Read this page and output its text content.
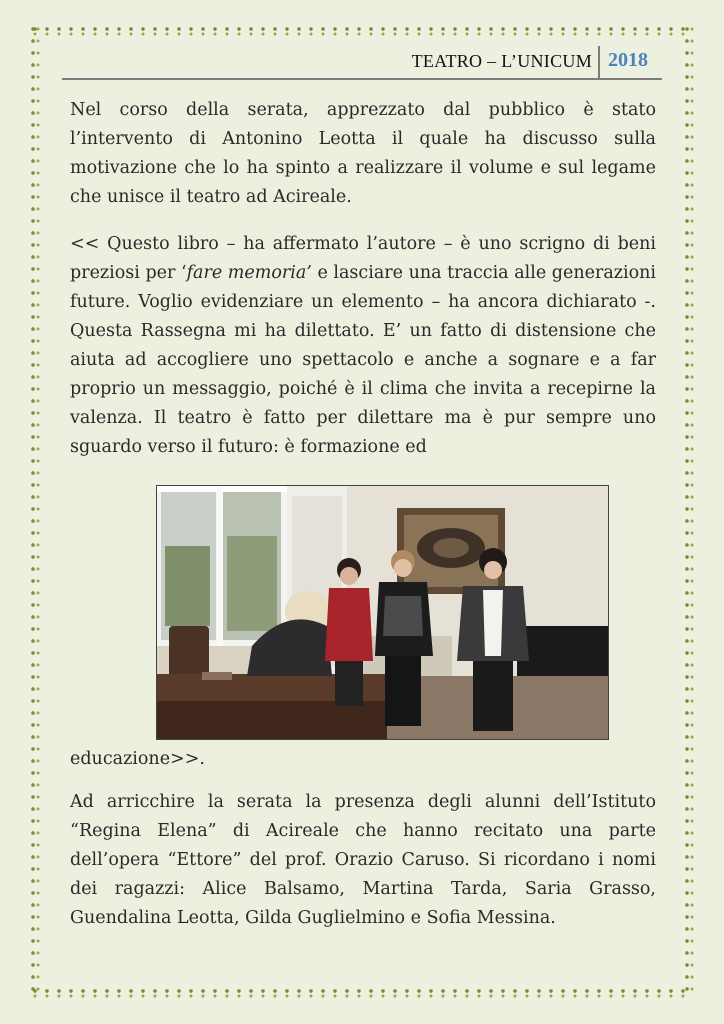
TEATRO – L’UNICUM 2018

Nel corso della serata, apprezzato dal pubblico è stato l’intervento di Antonino Leotta il quale ha discusso sulla motivazione che lo ha spinto a realizzare il volume e sul legame che unisce il teatro ad Acireale.

<< Questo libro – ha affermato l’autore – è uno scrigno di beni preziosi per ‘fare memoria’ e lasciare una traccia alle generazioni future. Voglio evidenziare un elemento – ha ancora dichiarato -. Questa Rassegna mi ha dilettato. E’ un fatto di distensione che aiuta ad accogliere uno spettacolo e anche a sognare e a far proprio un messaggio, poiché è il clima che invita a recepirne la valenza. Il teatro è fatto per dilettare ma è pur sempre uno sguardo verso il futuro: è formazione ed

educazione>>.

Ad arricchire la serata la presenza degli alunni dell’Istituto “Regina Elena” di Acireale che hanno recitato una parte dell’opera “Ettore” del prof. Orazio Caruso. Si ricordano i nomi dei ragazzi: Alice Balsamo, Martina Tarda, Saria Grasso, Guendalina Leotta, Gilda Guglielmino e Sofia Messina.
